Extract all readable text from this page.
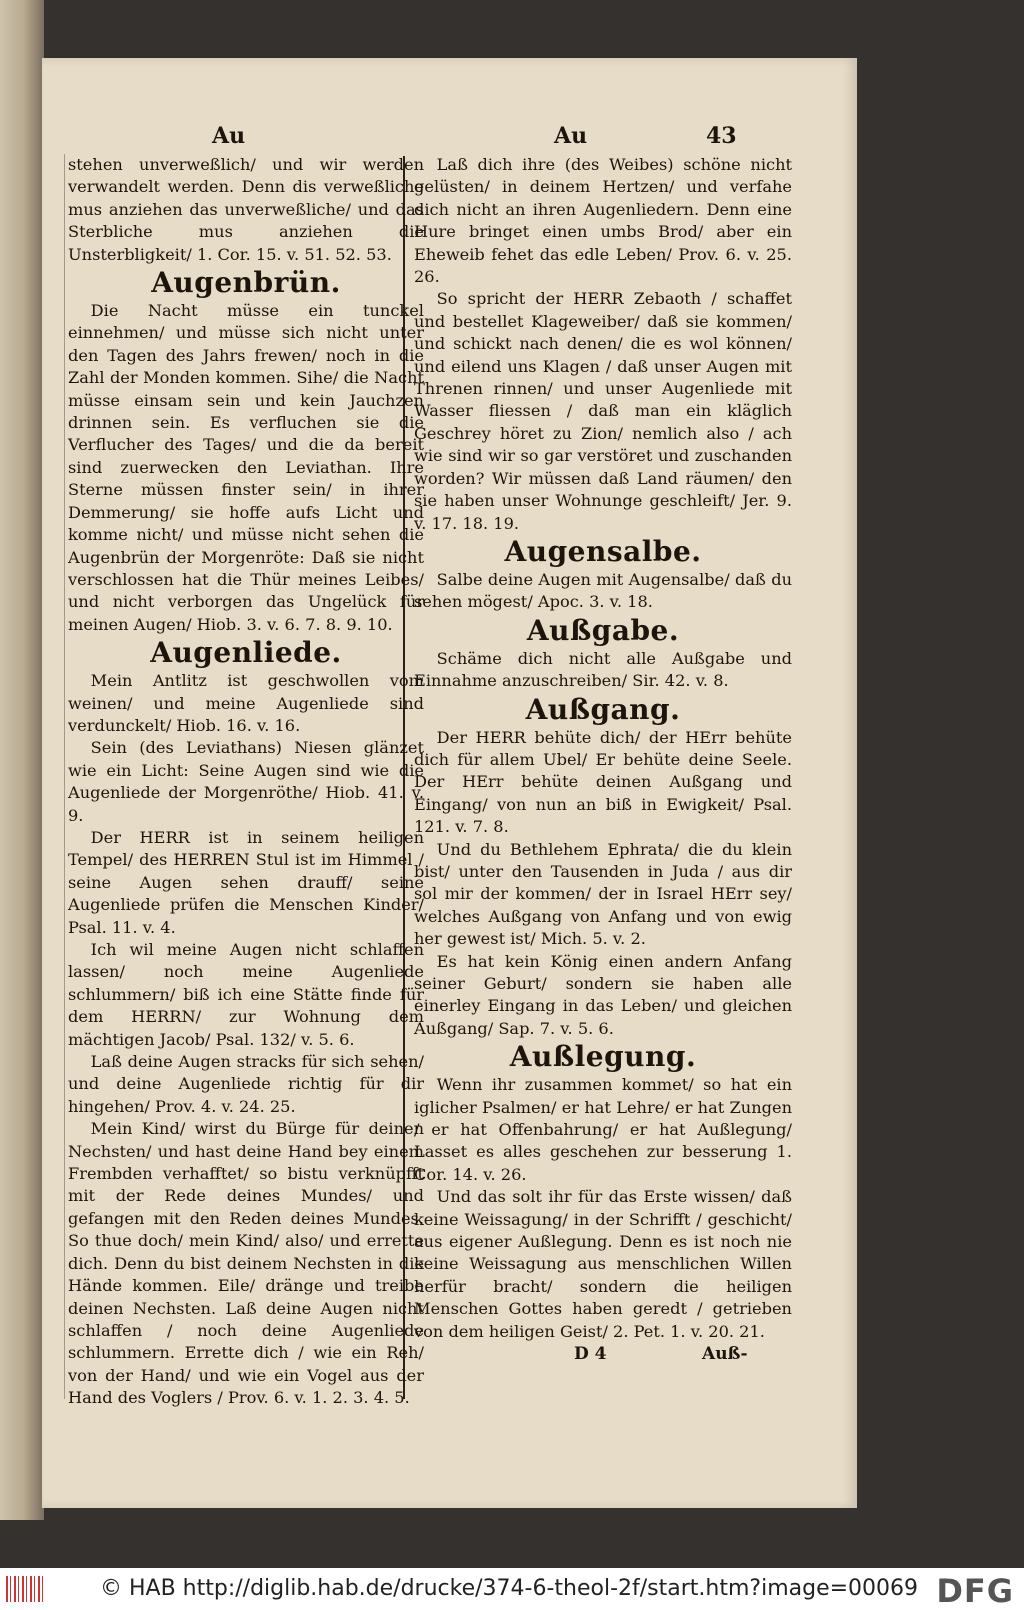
Au	Au	43

stehen unverweßlich/ und wir werden verwandelt werden. Denn dis verweßliche mus anziehen das unverweßliche/ und das Sterbliche mus anziehen die Unsterbligkeit/ 1. Cor. 15. v. 51. 52. 53.

Augenbrün.

Die Nacht müsse ein tunckel einnehmen/ und müsse sich nicht unter den Tagen des Jahrs frewen/ noch in die Zahl der Monden kommen. Sihe/ die Nacht müsse einsam sein und kein Jauchzen drinnen sein. Es verfluchen sie die Verflucher des Tages/ und die da bereit sind zuerwecken den Leviathan. Ihre Sterne müssen finster sein/ in ihrer Demmerung/ sie hoffe aufs Licht und komme nicht/ und müsse nicht sehen die Augenbrün der Morgenröte: Daß sie nicht verschlossen hat die Thür meines Leibes/ und nicht verborgen das Ungelück für meinen Augen/ Hiob. 3. v. 6. 7. 8. 9. 10.

Augenliede.

Mein Antlitz ist geschwollen vom weinen/ und meine Augenliede sind verdunckelt/ Hiob. 16. v. 16.

Sein (des Leviathans) Niesen glänzet wie ein Licht: Seine Augen sind wie die Augenliede der Morgenröthe/ Hiob. 41. v. 9.

Der HERR ist in seinem heiligen Tempel/ des HERREN Stul ist im Himmel / seine Augen sehen drauff/ seine Augenliede prüfen die Menschen Kinder/ Psal. 11. v. 4.

Ich wil meine Augen nicht schlaffen lassen/ noch meine Augenliede schlummern/ biß ich eine Stätte finde für dem HERRN/ zur Wohnung dem mächtigen Jacob/ Psal. 132/ v. 5. 6.

Laß deine Augen stracks für sich sehen/ und deine Augenliede richtig für dir hingehen/ Prov. 4. v. 24. 25.

Mein Kind/ wirst du Bürge für deinen Nechsten/ und hast deine Hand bey einem Frembden verhafftet/ so bistu verknüpfft mit der Rede deines Mundes/ und gefangen mit den Reden deines Mundes. So thue doch/ mein Kind/ also/ und errette dich. Denn du bist deinem Nechsten in die Hände kommen. Eile/ dränge und treibe deinen Nechsten. Laß deine Augen nicht schlaffen / noch deine Augenliede schlummern. Errette dich / wie ein Reh/ von der Hand/ und wie ein Vogel aus der Hand des Voglers / Prov. 6. v. 1. 2. 3. 4. 5.

Laß dich ihre (des Weibes) schöne nicht gelüsten/ in deinem Hertzen/ und verfahe dich nicht an ihren Augenliedern. Denn eine Hure bringet einen umbs Brod/ aber ein Eheweib fehet das edle Leben/ Prov. 6. v. 25. 26.

So spricht der HERR Zebaoth / schaffet und bestellet Klageweiber/ daß sie kommen/ und schickt nach denen/ die es wol können/ und eilend uns Klagen / daß unser Augen mit Threnen rinnen/ und unser Augenliede mit Wasser fliessen / daß man ein kläglich Geschrey höret zu Zion/ nemlich also / ach wie sind wir so gar verstöret und zuschanden worden? Wir müssen daß Land räumen/ den sie haben unser Wohnunge geschleift/ Jer. 9. v. 17. 18. 19.

Augensalbe.

Salbe deine Augen mit Augensalbe/ daß du sehen mögest/ Apoc. 3. v. 18.

Außgabe.

Schäme dich nicht alle Außgabe und Einnahme anzuschreiben/ Sir. 42. v. 8.

Außgang.

Der HERR behüte dich/ der HErr behüte dich für allem Ubel/ Er behüte deine Seele. Der HErr behüte deinen Außgang und Eingang/ von nun an biß in Ewigkeit/ Psal. 121. v. 7. 8.

Und du Bethlehem Ephrata/ die du klein bist/ unter den Tausenden in Juda / aus dir sol mir der kommen/ der in Israel HErr sey/ welches Außgang von Anfang und von ewig her gewest ist/ Mich. 5. v. 2.

Es hat kein König einen andern Anfang seiner Geburt/ sondern sie haben alle einerley Eingang in das Leben/ und gleichen Außgang/ Sap. 7. v. 5. 6.

Außlegung.

Wenn ihr zusammen kommet/ so hat ein iglicher Psalmen/ er hat Lehre/ er hat Zungen / er hat Offenbahrung/ er hat Außlegung/ Lasset es alles geschehen zur besserung 1. Cor. 14. v. 26.

Und das solt ihr für das Erste wissen/ daß keine Weissagung/ in der Schrifft / geschicht/ aus eigener Außlegung. Denn es ist noch nie keine Weissagung aus menschlichen Willen herfür bracht/ sondern die heiligen Menschen Gottes haben geredt / getrieben von dem heiligen Geist/ 2. Pet. 1. v. 20. 21.

D 4	Auß-
© HAB http://diglib.hab.de/drucke/374-6-theol-2f/start.htm?image=00069 DFG
